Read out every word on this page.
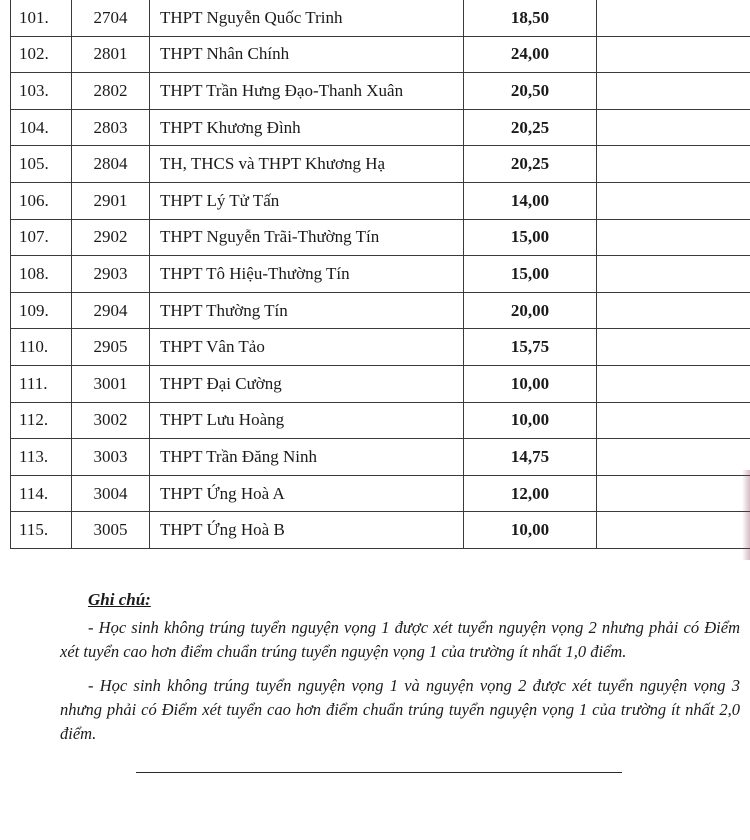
101.	2704	THPT Nguyễn Quốc Trinh	18,50	
102.	2801	THPT Nhân Chính	24,00	
103.	2802	THPT Trần Hưng Đạo-Thanh Xuân	20,50	
104.	2803	THPT Khương Đình	20,25	
105.	2804	TH, THCS và THPT Khương Hạ	20,25	
106.	2901	THPT Lý Tử Tấn	14,00	
107.	2902	THPT Nguyễn Trãi-Thường Tín	15,00	
108.	2903	THPT Tô Hiệu-Thường Tín	15,00	
109.	2904	THPT Thường Tín	20,00	
110.	2905	THPT Vân Tảo	15,75	
111.	3001	THPT Đại Cường	10,00	
112.	3002	THPT Lưu Hoàng	10,00	
113.	3003	THPT Trần Đăng Ninh	14,75	
114.	3004	THPT Ứng Hoà A	12,00	
115.	3005	THPT Ứng Hoà B	10,00	
Ghi chú:

- Học sinh không trúng tuyển nguyện vọng 1 được xét tuyển nguyện vọng 2 nhưng phải có Điểm xét tuyển cao hơn điểm chuẩn trúng tuyển nguyện vọng 1 của trường ít nhất 1,0 điểm.

- Học sinh không trúng tuyển nguyện vọng 1 và nguyện vọng 2 được xét tuyển nguyện vọng 3 nhưng phải có Điểm xét tuyển cao hơn điểm chuẩn trúng tuyển nguyện vọng 1 của trường ít nhất 2,0 điểm.
